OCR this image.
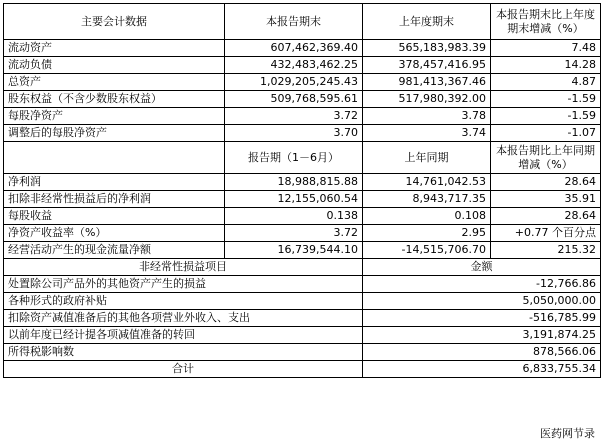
主要会计数据	本报告期末	上年度期末	本报告期末比上年度期末增减（%）
流动资产	607,462,369.40	565,183,983.39	7.48
流动负债	432,483,462.25	378,457,416.95	14.28
总资产	1,029,205,245.43	981,413,367.46	4.87
股东权益（不含少数股东权益）	509,768,595.61	517,980,392.00	-1.59
每股净资产	3.72	3.78	-1.59
调整后的每股净资产	3.70	3.74	-1.07
	报告期（1－6月）	上年同期	本报告期比上年同期增减（%）
净利润	18,988,815.88	14,761,042.53	28.64
扣除非经常性损益后的净利润	12,155,060.54	8,943,717.35	35.91
每股收益	0.138	0.108	28.64
净资产收益率（%）	3.72	2.95	+0.77 个百分点
经营活动产生的现金流量净额	16,739,544.10	-14,515,706.70	215.32
非经常性损益项目		金额	
处置除公司产品外的其他资产产生的损益		-12,766.86	
各种形式的政府补贴		5,050,000.00	
扣除资产减值准备后的其他各项营业外收入、支出		-516,785.99	
以前年度已经计提各项减值准备的转回		3,191,874.25	
所得税影响数		878,566.06	
合计		6,833,755.34	
医药网节录
